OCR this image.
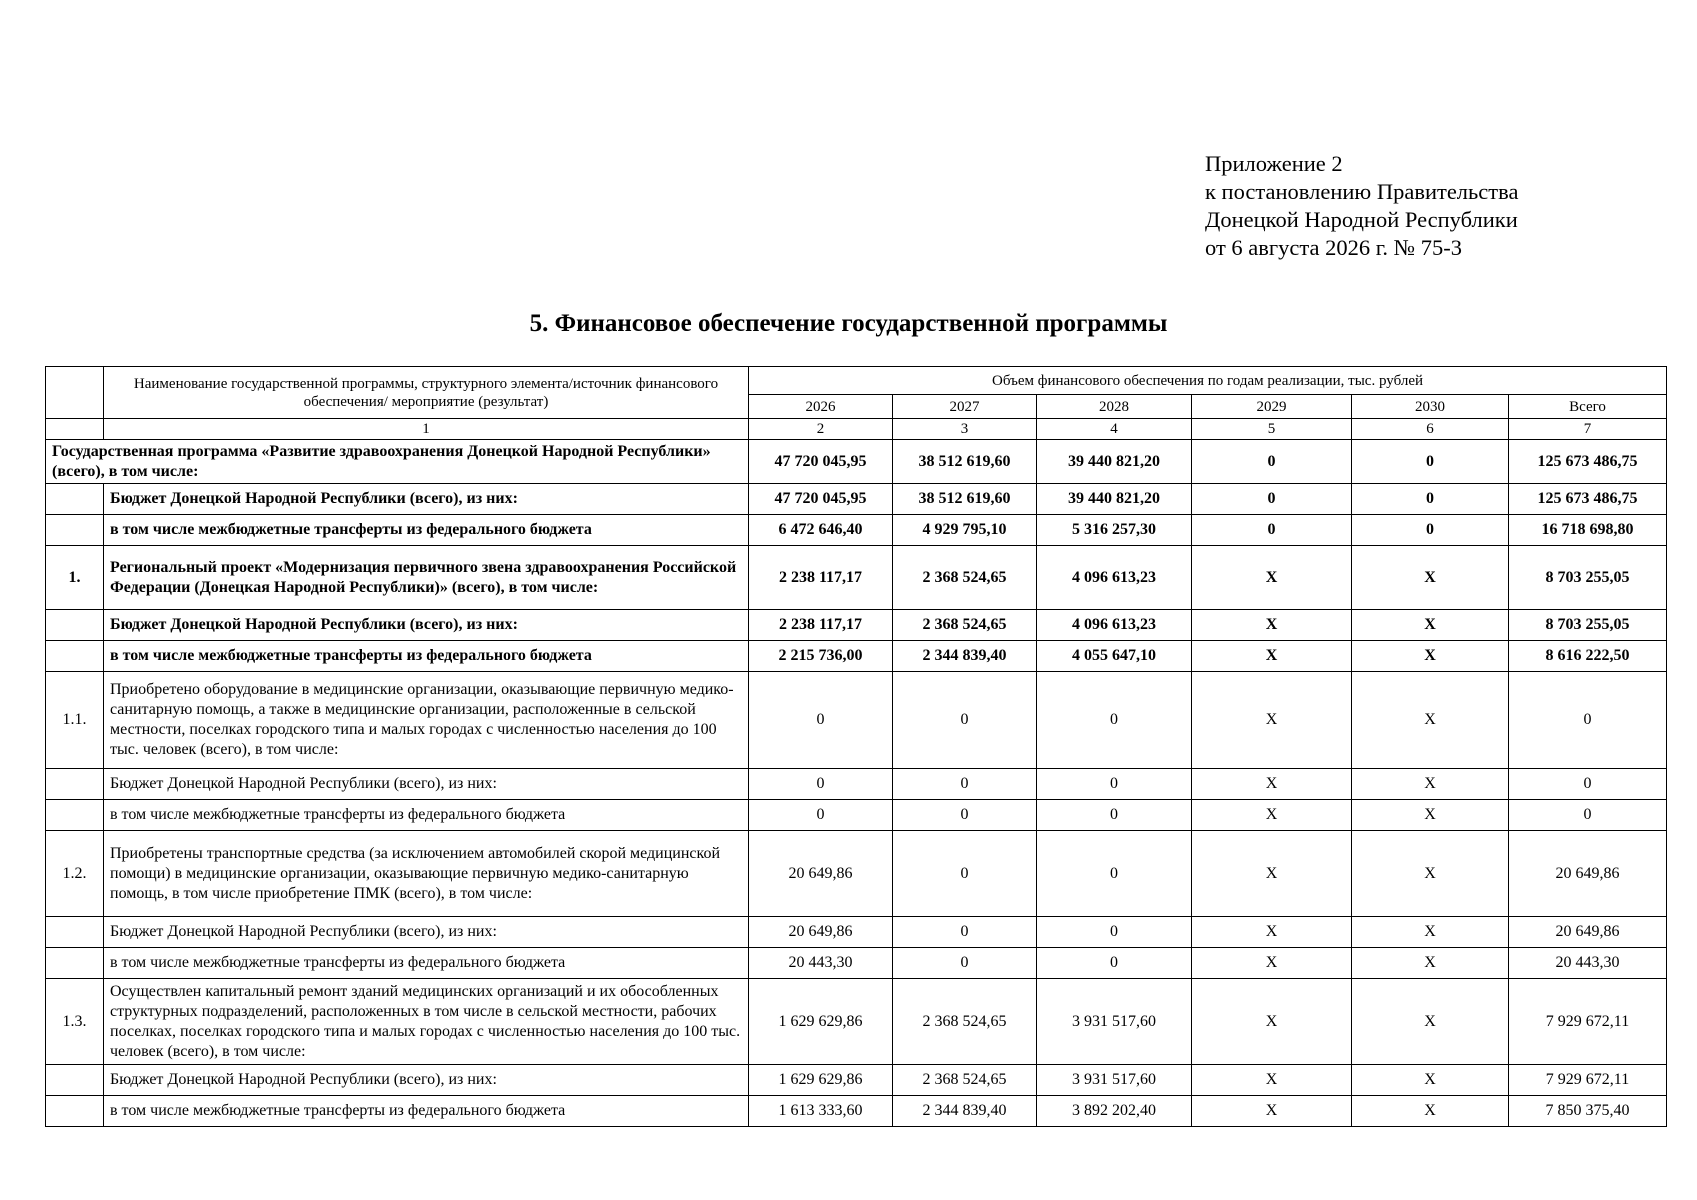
Приложение 2
к постановлению Правительства
Донецкой Народной Республики
от 6 августа 2026 г. № 75-3
5. Финансовое обеспечение государственной программы
	Наименование государственной программы, структурного элемента/источник финансового обеспечения/ мероприятие (результат)	Объем финансового обеспечения по годам реализации, тыс. рублей					
		2026	2027	2028	2029	2030	Всего
	1	2	3	4	5	6	7
Государственная программа «Развитие здравоохранения Донецкой Народной Республики» (всего), в том числе:		47 720 045,95	38 512 619,60	39 440 821,20	0	0	125 673 486,75
	Бюджет Донецкой Народной Республики (всего), из них:	47 720 045,95	38 512 619,60	39 440 821,20	0	0	125 673 486,75
	в том числе межбюджетные трансферты из федерального бюджета	6 472 646,40	4 929 795,10	5 316 257,30	0	0	16 718 698,80
1.	Региональный проект «Модернизация первичного звена здравоохранения Российской Федерации (Донецкая Народной Республики)» (всего), в том числе:	2 238 117,17	2 368 524,65	4 096 613,23	X	X	8 703 255,05
	Бюджет Донецкой Народной Республики (всего), из них:	2 238 117,17	2 368 524,65	4 096 613,23	X	X	8 703 255,05
	в том числе межбюджетные трансферты из федерального бюджета	2 215 736,00	2 344 839,40	4 055 647,10	X	X	8 616 222,50
1.1.	Приобретено оборудование в медицинские организации, оказывающие первичную медико-санитарную помощь, а также в медицинские организации, расположенные в сельской местности, поселках городского типа и малых городах с численностью населения до 100 тыс. человек (всего), в том числе:	0	0	0	X	X	0
	Бюджет Донецкой Народной Республики (всего), из них:	0	0	0	X	X	0
	в том числе межбюджетные трансферты из федерального бюджета	0	0	0	X	X	0
1.2.	Приобретены транспортные средства (за исключением автомобилей скорой медицинской помощи) в медицинские организации, оказывающие первичную медико-санитарную помощь, в том числе приобретение ПМК (всего), в том числе:	20 649,86	0	0	X	X	20 649,86
	Бюджет Донецкой Народной Республики (всего), из них:	20 649,86	0	0	X	X	20 649,86
	в том числе межбюджетные трансферты из федерального бюджета	20 443,30	0	0	X	X	20 443,30
1.3.	Осуществлен капитальный ремонт зданий медицинских организаций и их обособленных структурных подразделений, расположенных в том числе в сельской местности, рабочих поселках, поселках городского типа и малых городах с численностью населения до 100 тыс. человек (всего), в том числе:	1 629 629,86	2 368 524,65	3 931 517,60	X	X	7 929 672,11
	Бюджет Донецкой Народной Республики (всего), из них:	1 629 629,86	2 368 524,65	3 931 517,60	X	X	7 929 672,11
	в том числе межбюджетные трансферты из федерального бюджета	1 613 333,60	2 344 839,40	3 892 202,40	X	X	7 850 375,40
